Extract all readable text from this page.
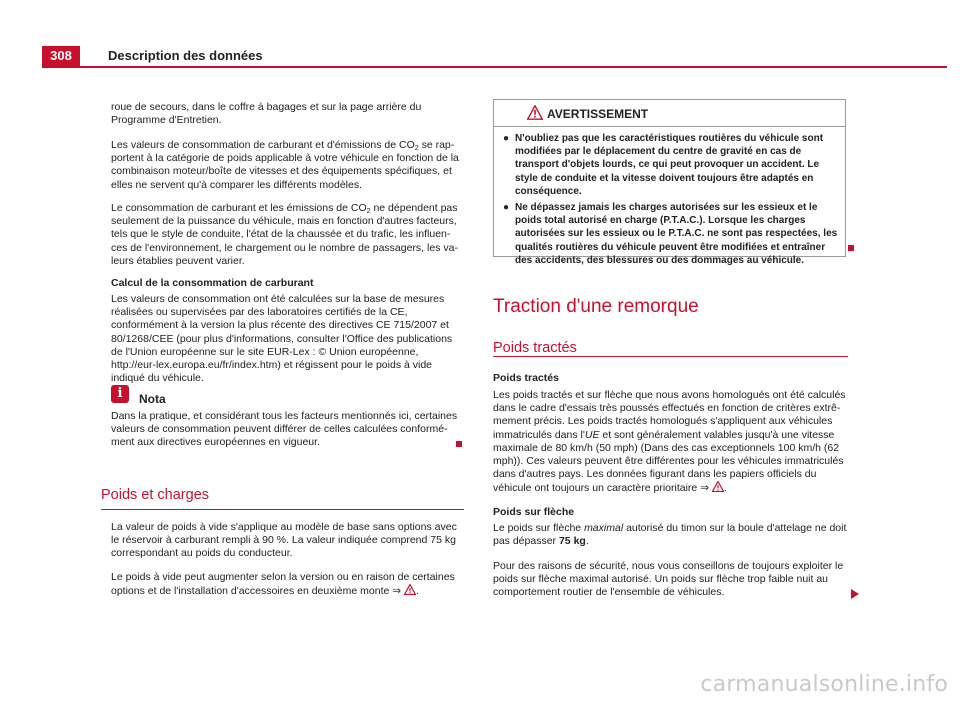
308	Description des données

roue de secours, dans le coffre à bagages et sur la page arrière du Programme d'Entretien.

Les valeurs de consommation de carburant et d'émissions de $CO_2$ se rapportent à la catégorie de poids applicable à votre véhicule en fonction de la combinaison moteur/boîte de vitesses et des équipements spécifiques, et elles ne servent qu'à comparer les différents modèles.

Le consommation de carburant et les émissions de $CO_2$ ne dépendent pas seulement de la puissance du véhicule, mais en fonction d'autres facteurs, tels que le style de conduite, l'état de la chaussée et du trafic, les influences de l'environnement, le chargement ou le nombre de passagers, les valeurs établies peuvent varier.

Calcul de la consommation de carburant

Les valeurs de consommation ont été calculées sur la base de mesures réalisées ou supervisées par des laboratoires certifiés de la CE, conformément à la version la plus récente des directives CE 715/2007 et 80/1268/CEE (pour plus d'informations, consulter l'Office des publications de l'Union européenne sur le site EUR-Lex : © Union européenne, http://eur-lex.europa.eu/fr/index.htm) et régissent pour le poids à vide indiqué du véhicule.

i	Nota

Dans la pratique, et considérant tous les facteurs mentionnés ici, certaines valeurs de consommation peuvent différer de celles calculées conformément aux directives européennes en vigueur.

Poids et charges

La valeur de poids à vide s'applique au modèle de base sans options avec le réservoir à carburant rempli à 90 %. La valeur indiquée comprend 75 kg correspondant au poids du conducteur.

Le poids à vide peut augmenter selon la version ou en raison de certaines options et de l'installation d'accessoires en deuxième monte ⇒ .

AVERTISSEMENT
● N'oubliez pas que les caractéristiques routières du véhicule sont modifiées par le déplacement du centre de gravité en cas de transport d'objets lourds, ce qui peut provoquer un accident. Le style de conduite et la vitesse doivent toujours être adaptés en conséquence.
● Ne dépassez jamais les charges autorisées sur les essieux et le poids total autorisé en charge (P.T.A.C.). Lorsque les charges autorisées sur les essieux ou le P.T.A.C. ne sont pas respectées, les qualités routières du véhicule peuvent être modifiées et entraîner des accidents, des blessures ou des dommages au véhicule.
Traction d'une remorque
Poids tractés

Poids tractés

Les poids tractés et sur flèche que nous avons homologués ont été calculés dans le cadre d'essais très poussés effectués en fonction de critères extrêmement précis. Les poids tractés homologués s'appliquent aux véhicules immatriculés dans l'UE et sont généralement valables jusqu'à une vitesse maximale de 80 km/h (50 mph) (Dans des cas exceptionnels 100 km/h (62 mph)). Ces valeurs peuvent être différentes pour les véhicules immatriculés dans d'autres pays. Les données figurant dans les papiers officiels du véhicule ont toujours un caractère prioritaire ⇒ .

Poids sur flèche

Le poids sur flèche maximal autorisé du timon sur la boule d'attelage ne doit pas dépasser 75 kg.

Pour des raisons de sécurité, nous vous conseillons de toujours exploiter le poids sur flèche maximal autorisé. Un poids sur flèche trop faible nuit au comportement routier de l'ensemble de véhicules.

carmanualsonline.info
